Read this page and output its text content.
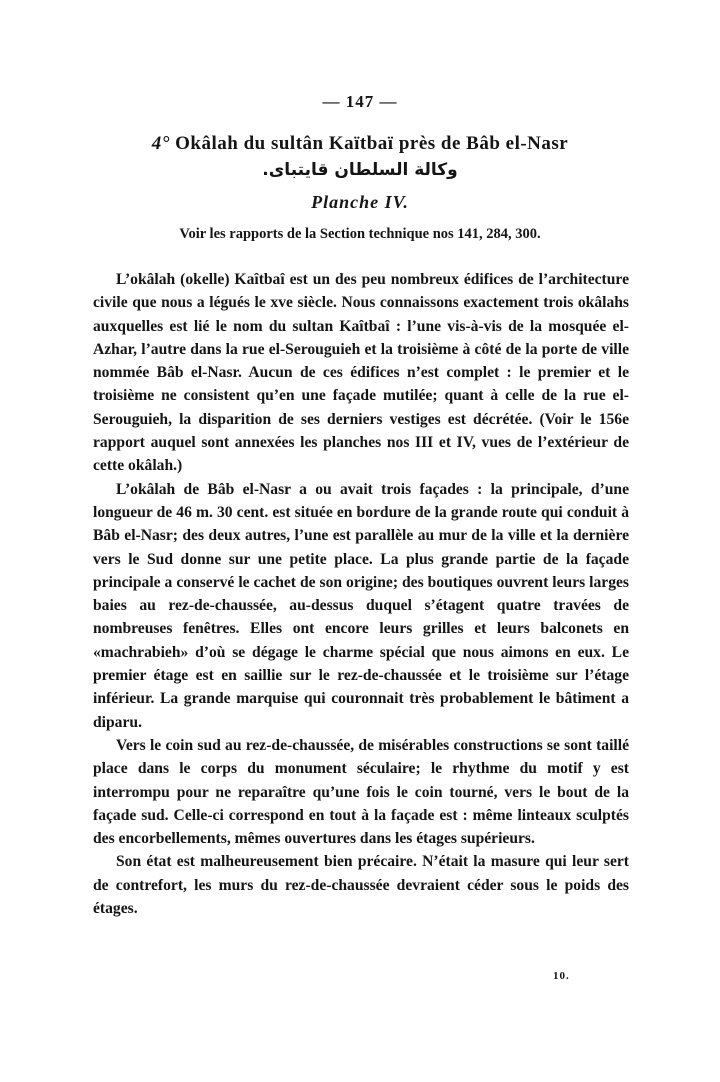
— 147 —
4° Okâlah du sultân Kaïtbaï près de Bâb el-Nasr
وكالة السلطان قايتباى.
Planche IV.
Voir les rapports de la Section technique nos 141, 284, 300.

L’okâlah (okelle) Kaîtbaî est un des peu nombreux édifices de l’architecture civile que nous a légués le xve siècle. Nous connaissons exactement trois okâlahs auxquelles est lié le nom du sultan Kaîtbaî : l’une vis-à-vis de la mosquée el-Azhar, l’autre dans la rue el-Serouguieh et la troisième à côté de la porte de ville nommée Bâb el-Nasr. Aucun de ces édifices n’est complet : le premier et le troisième ne consistent qu’en une façade mutilée; quant à celle de la rue el-Serouguieh, la disparition de ses derniers vestiges est décrétée. (Voir le 156e rapport auquel sont annexées les planches nos III et IV, vues de l’extérieur de cette okâlah.)

L’okâlah de Bâb el-Nasr a ou avait trois façades : la principale, d’une longueur de 46 m. 30 cent. est située en bordure de la grande route qui conduit à Bâb el-Nasr; des deux autres, l’une est parallèle au mur de la ville et la dernière vers le Sud donne sur une petite place. La plus grande partie de la façade principale a conservé le cachet de son origine; des boutiques ouvrent leurs larges baies au rez-de-chaussée, au-dessus duquel s’étagent quatre travées de nombreuses fenêtres. Elles ont encore leurs grilles et leurs balconets en «machrabieh» d’où se dégage le charme spécial que nous aimons en eux. Le premier étage est en saillie sur le rez-de-chaussée et le troisième sur l’étage inférieur. La grande marquise qui couronnait très probablement le bâtiment a diparu.

Vers le coin sud au rez-de-chaussée, de misérables constructions se sont taillé place dans le corps du monument séculaire; le rhythme du motif y est interrompu pour ne reparaître qu’une fois le coin tourné, vers le bout de la façade sud. Celle-ci correspond en tout à la façade est : même linteaux sculptés des encorbellements, mêmes ouvertures dans les étages supérieurs.

Son état est malheureusement bien précaire. N’était la masure qui leur sert de contrefort, les murs du rez-de-chaussée devraient céder sous le poids des étages.

10.
